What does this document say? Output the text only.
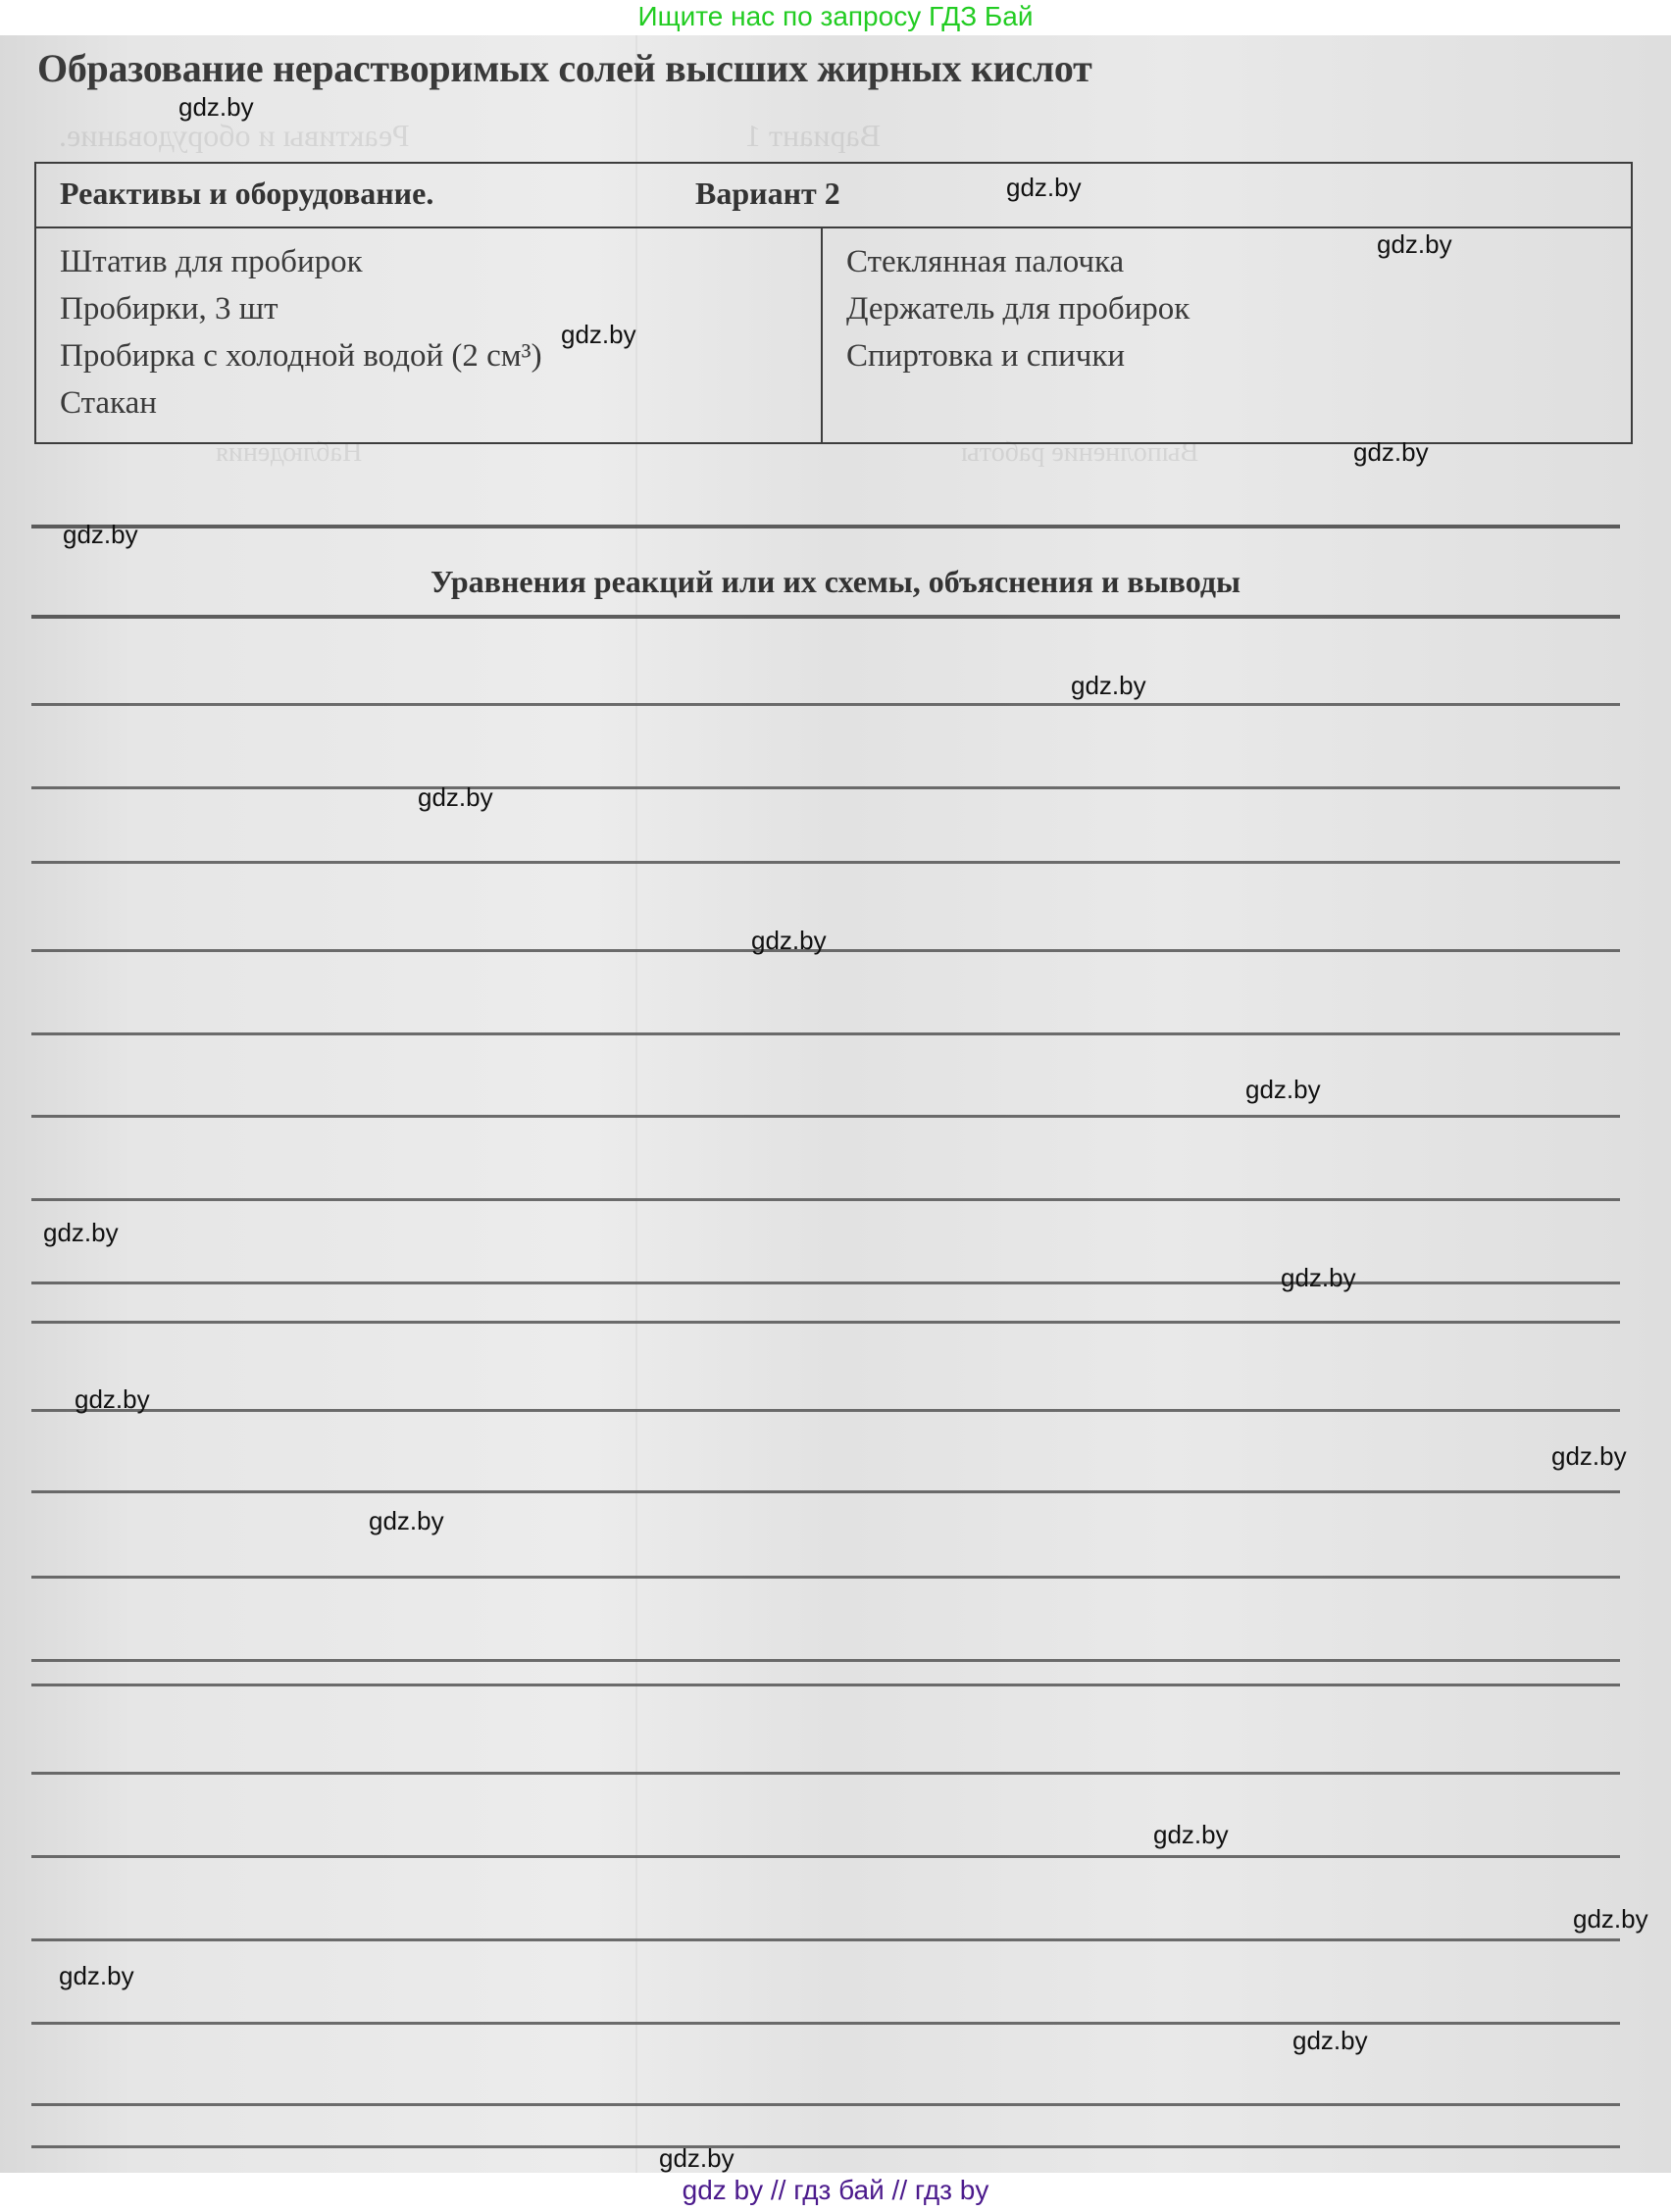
Ищите нас по запросу ГДЗ Бай
Реактивы и оборудование.	Вариант 1
Выполнение работы
Наблюдения
Образование нерастворимых солей высших жирных кислот
Реактивы и оборудование.	Вариант 2
Штатив для пробирок
Пробирки, 3 шт
Пробирка с холодной водой (2 см³)
Стакан
Стеклянная палочка
Держатель для пробирок
Спиртовка и спички
Уравнения реакций или их схемы, объяснения и выводы
gdz.by
gdz.by
gdz.by
gdz.by
gdz.by
gdz.by
gdz.by
gdz.by
gdz.by
gdz.by
gdz.by
gdz.by
gdz.by
gdz.by
gdz.by
gdz.by
gdz.by
gdz.by
gdz.by
gdz.by
gdz by // гдз бай // гдз by
